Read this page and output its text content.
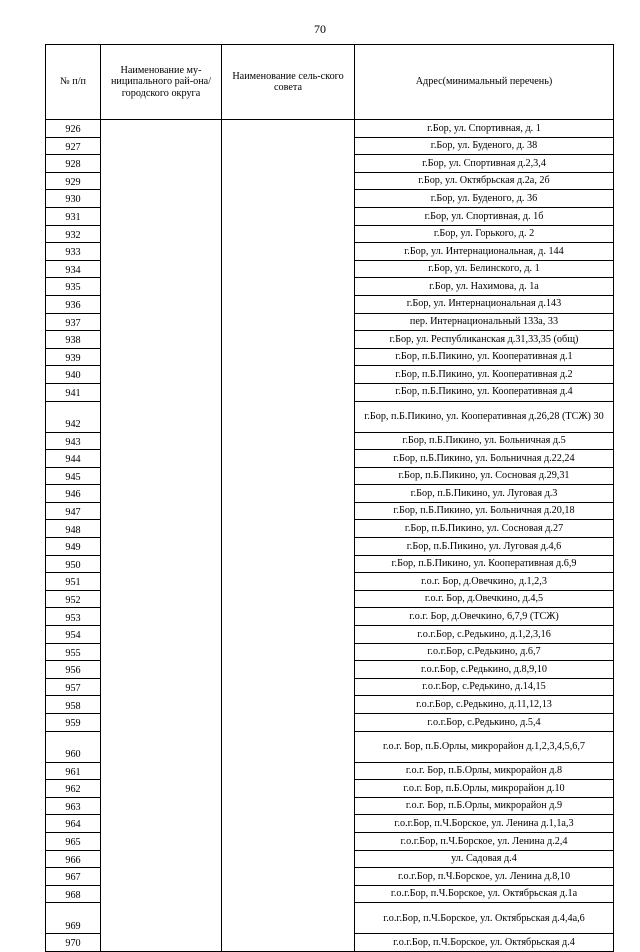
70
№ п/п	Наименование му-ниципального рай-она/ городского округа	Наименование сель-ского совета	Адрес(минимальный перечень)
926			г.Бор, ул. Спортивная, д. 1
927			г.Бор, ул. Буденого, д. 38
928			г.Бор, ул. Спортивная д.2,3,4
929			г.Бор, ул. Октябрьская д.2а, 2б
930			г.Бор, ул. Буденого, д. 36
931			г.Бор, ул. Спортивная, д. 1б
932			г.Бор, ул. Горького, д. 2
933			г.Бор, ул. Интернациональная, д. 144
934			г.Бор, ул. Белинского, д. 1
935			г.Бор, ул. Нахимова, д. 1а
936			г.Бор, ул. Интернациональная д.143
937			пер. Интернациональный 133а, 33
938			г.Бор, ул. Республиканская д.31,33,35 (общ)
939			г.Бор, п.Б.Пикино, ул. Кооперативная д.1
940			г.Бор, п.Б.Пикино, ул. Кооперативная д.2
941			г.Бор, п.Б.Пикино, ул. Кооперативная д.4
942			г.Бор, п.Б.Пикино, ул. Кооперативная д.26,28 (ТСЖ) 30
943			г.Бор, п.Б.Пикино, ул. Больничная д.5
944			г.Бор, п.Б.Пикино, ул. Больничная д.22,24
945			г.Бор, п.Б.Пикино, ул. Сосновая д.29,31
946			г.Бор, п.Б.Пикино, ул. Луговая д.3
947			г.Бор, п.Б.Пикино, ул. Больничная д.20,18
948			г.Бор, п.Б.Пикино, ул. Сосновая д.27
949			г.Бор, п.Б.Пикино, ул. Луговая д.4,6
950			г.Бор, п.Б.Пикино, ул. Кооперативная д.6,9
951			г.о.г. Бор, д.Овечкино, д.1,2,3
952			г.о.г. Бор, д.Овечкино, д.4,5
953			г.о.г. Бор, д.Овечкино, 6,7,9 (ТСЖ)
954			г.о.г.Бор, с.Редькино, д.1,2,3,16
955			г.о.г.Бор, с.Редькино, д.6,7
956			г.о.г.Бор, с.Редькино, д.8,9,10
957			г.о.г.Бор, с.Редькино, д.14,15
958			г.о.г.Бор, с.Редькино, д.11,12,13
959			г.о.г.Бор, с.Редькино, д.5,4
960			г.о.г. Бор, п.Б.Орлы, микрорайон д.1,2,3,4,5,6,7
961			г.о.г. Бор, п.Б.Орлы, микрорайон д.8
962			г.о.г. Бор, п.Б.Орлы, микрорайон д.10
963			г.о.г. Бор, п.Б.Орлы, микрорайон д.9
964			г.о.г.Бор, п.Ч.Борское, ул. Ленина д.1,1а,3
965			г.о.г.Бор, п.Ч.Борское, ул. Ленина д.2,4
966			ул. Садовая д.4
967			г.о.г.Бор, п.Ч.Борское, ул. Ленина д.8,10
968			г.о.г.Бор, п.Ч.Борское, ул. Октябрьская д.1а
969			г.о.г.Бор, п.Ч.Борское, ул. Октябрьская д.4,4а,6
970			г.о.г.Бор, п.Ч.Борское, ул. Октябрьская д.4
